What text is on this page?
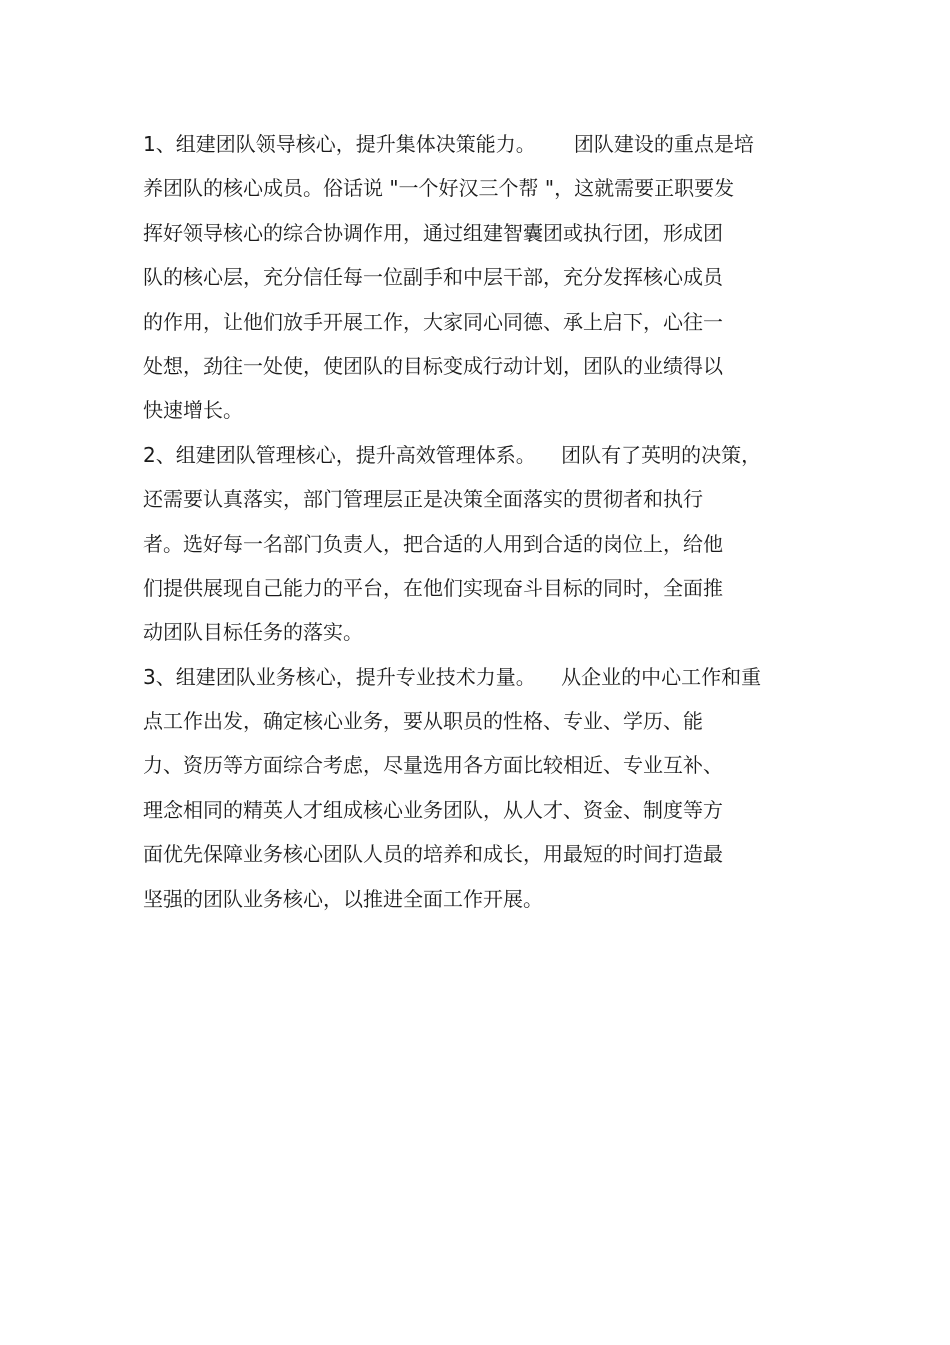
1、组建团队领导核心，提升集体决策能力。      团队建设的重点是培
养团队的核心成员。俗话说 "一个好汉三个帮 "，这就需要正职要发
挥好领导核心的综合协调作用，通过组建智囊团或执行团，形成团
队的核心层，充分信任每一位副手和中层干部，充分发挥核心成员
的作用，让他们放手开展工作，大家同心同德、承上启下，心往一
处想，劲往一处使，使团队的目标变成行动计划，团队的业绩得以
快速增长。
2、组建团队管理核心，提升高效管理体系。    团队有了英明的决策，
还需要认真落实，部门管理层正是决策全面落实的贯彻者和执行
者。选好每一名部门负责人，把合适的人用到合适的岗位上，给他
们提供展现自己能力的平台，在他们实现奋斗目标的同时，全面推
动团队目标任务的落实。
3、组建团队业务核心，提升专业技术力量。    从企业的中心工作和重
点工作出发，确定核心业务，要从职员的性格、专业、学历、能
力、资历等方面综合考虑，尽量选用各方面比较相近、专业互补、
理念相同的精英人才组成核心业务团队，从人才、资金、制度等方
面优先保障业务核心团队人员的培养和成长，用最短的时间打造最
坚强的团队业务核心，以推进全面工作开展。
